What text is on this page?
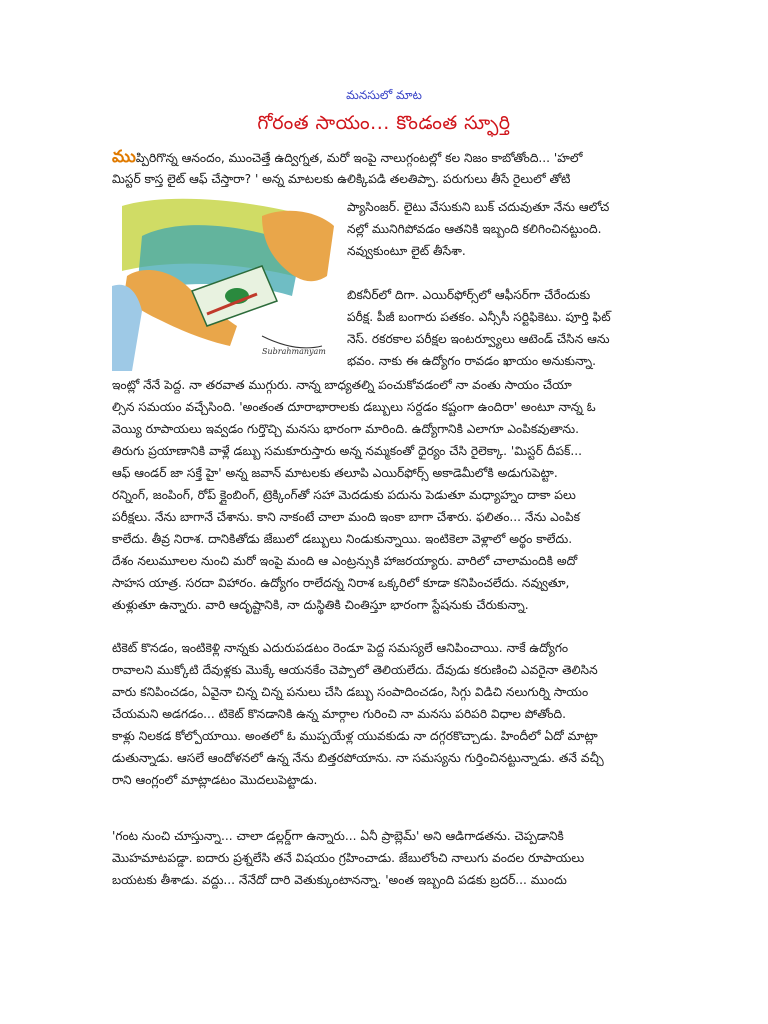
మనసులో మాట
గోరంత సాయం... కొండంత స్ఫూర్తి
ముప్పిరిగొన్న ఆనందం, ముంచెత్తే ఉద్విగ్నత, మరో ఇంపై నాలుగ్గంటల్లో కల నిజం కాబోతోంది... 'హలో
మిస్టర్ కాస్త లైట్ ఆఫ్ చేస్తారా? ' అన్న మాటలకు ఉలిక్కిపడి తలతిప్పా. పరుగులు తీసే రైలులో తోటి
Subrahmanyam
ప్యాసింజర్. లైటు వేసుకుని బుక్ చదువుతూ నేను ఆలోచ
నల్లో మునిగిపోవడం ఆతనికి ఇబ్బంది కలిగించినట్టుంది.
నవ్వుకుంటూ లైట్ తీసేశా.
బికనీర్‌లో దిగా. ఎయిర్‌ఫోర్స్‌లో ఆఫీసర్‌గా చేరేందుకు
పరీక్ష. పీజీ బంగారు పతకం. ఎన్సీసీ సర్టిఫికెటు. పూర్తి ఫిట్
నెస్. రకరకాల పరీక్షల ఇంటర్వ్యూలు ఆటెండ్ చేసిన ఆను
భవం. నాకు ఈ ఉద్యోగం రావడం ఖాయం అనుకున్నా.
ఇంట్లో నేనే పెద్ద. నా తరవాత ముగ్గురు. నాన్న బాధ్యతల్ని పంచుకోవడంలో నా వంతు సాయం చేయా
ల్సిన సమయం వచ్చేసింది. 'అంతంత దూరాభారాలకు డబ్బులు సర్దడం కష్టంగా ఉందిరా' అంటూ నాన్న ఓ
వెయ్యి రూపాయలు ఇవ్వడం గుర్తొచ్చి మనసు భారంగా మారింది. ఉద్యోగానికి ఎలాగూ ఎంపికవుతాను.
తిరుగు ప్రయాణానికి వాళ్లే డబ్బు సమకూరుస్తారు అన్న నమ్మకంతో ధైర్యం చేసి రైలెక్కా. 'మిస్టర్ దీపక్...
ఆఫ్ ఆండర్ జా సక్తే హై' అన్న జవాన్ మాటలకు తలూపి ఎయిర్‌ఫోర్స్ అకాడెమీలోకి అడుగుపెట్టా.
రన్నింగ్, జంపింగ్, రోప్ క్లైంబింగ్, ట్రెక్కింగ్‌తో సహా మెదడుకు పదును పెడుతూ మధ్యాహ్నం దాకా పలు
పరీక్షలు. నేను బాగానే చేశాను. కాని నాకంటే చాలా మంది ఇంకా బాగా చేశారు. ఫలితం... నేను ఎంపిక
కాలేదు. తీవ్ర నిరాశ. దానికితోడు జేబులో డబ్బులు నిండుకున్నాయి. ఇంటికెలా వెళ్లాలో అర్థం కాలేదు.
దేశం నలుమూలల నుంచి మరో ఇంపై మంది ఆ ఎంట్రన్సుకి హాజరయ్యారు. వారిలో చాలామందికి అదో
సాహస యాత్ర. సరదా విహారం. ఉద్యోగం రాలేదన్న నిరాశ ఒక్కరిలో కూడా కనిపించలేదు. నవ్వుతూ,
తుళ్లుతూ ఉన్నారు. వారి ఆదృష్టానికి, నా దుస్థితికి చింతిస్తూ భారంగా స్టేషనుకు చేరుకున్నా.
టికెట్ కొనడం, ఇంటికెళ్లి నాన్నకు ఎదురుపడటం రెండూ పెద్ద సమస్యలే ఆనిపించాయి. నాకే ఉద్యోగం
రావాలని ముక్కోటి దేవుళ్లకు మొక్కే ఆయనకేం చెప్పాలో తెలియలేదు. దేవుడు కరుణించి ఎవరైనా తెలిసిన
వారు కనిపించడం, ఏవైనా చిన్న చిన్న పనులు చేసి డబ్బు సంపాదించడం, సిగ్గు విడిచి నలుగుర్ని సాయం
చేయమని అడగడం... టికెట్ కొనడానికి ఉన్న మార్గాల గురించి నా మనసు పరిపరి విధాల పోతోంది.
కాళ్లు నిలకడ కోల్పోయాయి. అంతలో ఓ ముప్పయేళ్ల యువకుడు నా దగ్గరకొచ్చాడు. హిందీలో ఏదో మాట్లా
డుతున్నాడు. ఆసలే ఆందోళనలో ఉన్న నేను బిత్తరపోయాను. నా సమస్యను గుర్తించినట్టున్నాడు. తనే వచ్చీ
రాని ఆంగ్లంలో మాట్లాడటం మొదలుపెట్టాడు.
'గంట నుంచి చూస్తున్నా... చాలా డల్లర్డ్‌గా ఉన్నారు... ఏనీ ప్రాబ్లెమ్' అని ఆడిగాడతను. చెప్పడానికి
మొహమాటపడ్డా. ఐదారు ప్రశ్నలేసి తనే విషయం గ్రహించాడు. జేబులోంచి నాలుగు వందల రూపాయలు
బయటకు తీశాడు. వద్దు... నేనేదో దారి వెతుక్కుంటానన్నా. 'అంత ఇబ్బంది పడకు బ్రదర్... ముందు
